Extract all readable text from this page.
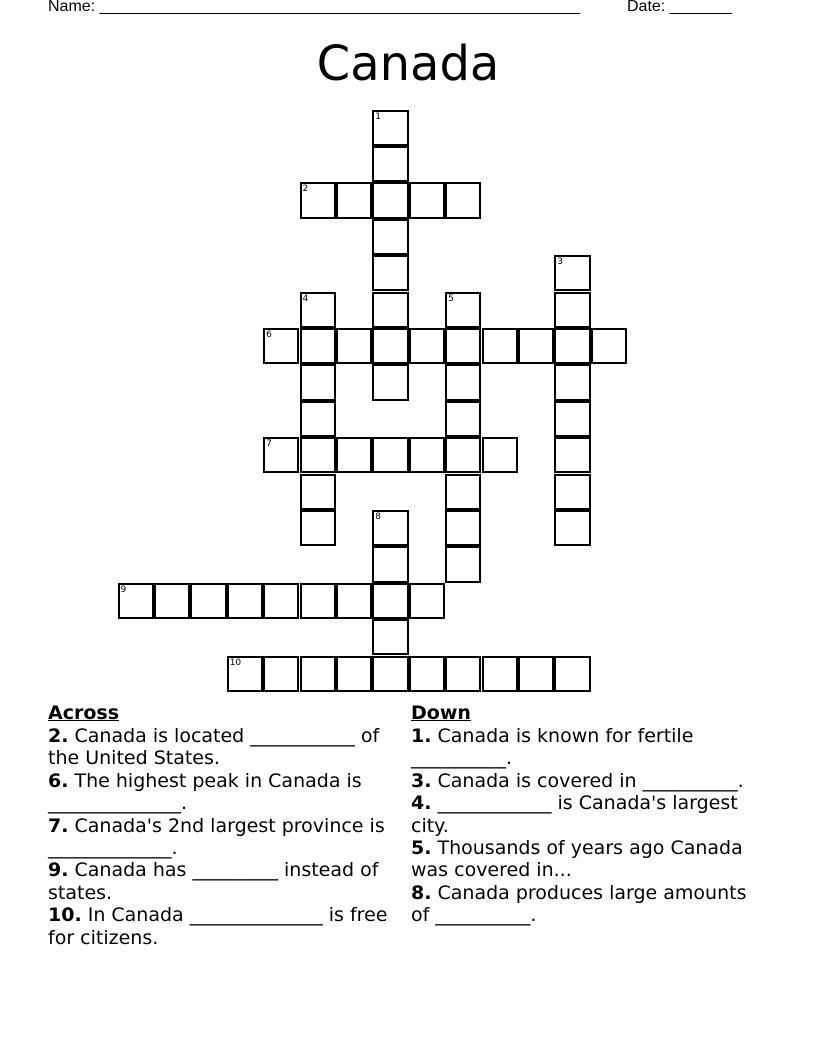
Name: ______________________________________________________	Date: _______
Canada
1
2
3
4	5
6
7
8
9
10
Across

2. Canada is located ___________ of the United States.

6. The highest peak in Canada is ______________.

7. Canada's 2nd largest province is _____________.

9. Canada has _________ instead of states.

10. In Canada ______________ is free for citizens.

Down

1. Canada is known for fertile __________.

3. Canada is covered in __________.

4. ____________ is Canada's largest city.

5. Thousands of years ago Canada was covered in...

8. Canada produces large amounts of __________.
